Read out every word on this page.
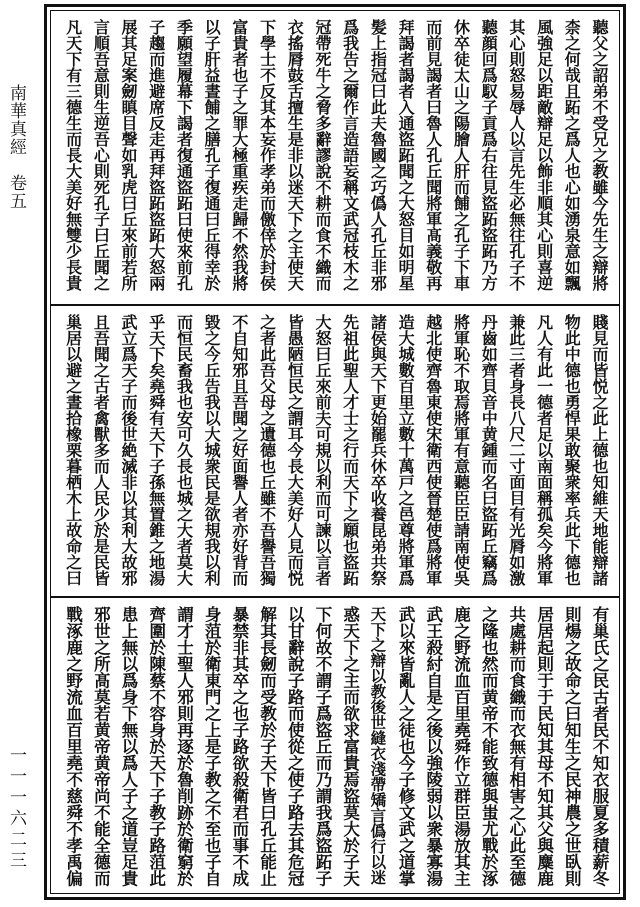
南華真經　卷五
一一一六二三
聽父之詔弟不受兄之教雖今先生之辯將
柰之何哉且跖之爲人也心如湧泉意如飄
風強足以距敵辯足以飾非順其心則喜逆
其心則怒易辱人以言先生必無往孔子不
聽顔回爲馭子貢爲右往見盜跖盜跖乃方
休卒徒太山之陽膾人肝而餔之孔子下車
而前見謁者曰魯人孔丘聞將軍髙義敬再
拜謁者謁者入通盜跖聞之大怒目如明星
髪上指冠曰此夫魯國之巧僞人孔丘非邪
爲我告之爾作言造語妄稱文武冠枝木之
冠帶死牛之脅多辭謬說不耕而食不織而
衣搖脣鼓舌擅生是非以迷天下之主使天
下學士不反其本妄作孝弟而儌倖於封侯
富貴者也子之罪大極重疾走歸不然我將
以子肝益晝餔之膳孔子復通曰丘得幸於
季願望履幕下謁者復通盜跖曰使來前孔
子趨而進避席反走再拜盜跖盜跖大怒兩
展其足案劒瞋目聲如乳虎曰丘來前若所
言順吾意則生逆吾心則死孔子曰丘聞之
凡天下有三德生而長大美好無雙少長貴
賤見而皆悦之此上德也知維天地能辯諸
物此中德也勇悍果敢聚衆率兵此下德也
凡人有此一德者足以南面稱孤矣今將軍
兼此三者身長八尺二寸面目有光脣如激
丹齒如齊貝音中黄鍾而名曰盜跖丘竊爲
將軍恥不取焉將軍有意聽臣臣請南使吳
越北使齊魯東使宋衛西使晉楚使爲將軍
造大城數百里立數十萬戸之邑尊將軍爲
諸侯與天下更始罷兵休卒收養昆弟共祭
先祖此聖人才士之行而天下之願也盜跖
大怒曰丘來前夫可規以利而可諫以言者
皆愚陋恒民之謂耳今長大美好人見而悦
之者此吾父母之遺德也丘雖不吾譽吾獨
不自知邪且吾聞之好面譽人者亦好背而
毀之今丘告我以大城衆民是欲規我以利
而恒民畜我也安可久長也城之大者莫大
乎天下矣堯舜有天下子孫無置錐之地湯
武立爲天子而後世絶滅非以其利大故邪
且吾聞之古者禽獸多而人民少於是民皆
巢居以避之晝拾橡栗暮栖木上故命之曰
有巢氏之民古者民不知衣服夏多積薪冬
則煬之故命之曰知生之民神農之世臥則
居居起則于于民知其母不知其父與麋鹿
共處耕而食織而衣無有相害之心此至德
之隆也然而黄帝不能致德與蚩尤戰於涿
鹿之野流血百里堯舜作立群臣湯放其主
武王殺紂自是之後以強陵弱以衆暴寡湯
武以來皆亂人之徒也今子修文武之道掌
天下之辯以教後世縫衣淺帶矯言僞行以迷
惑天下之主而欲求富貴焉盜莫大於子天
下何故不謂子爲盜丘而乃謂我爲盜跖子
以甘辭說子路而使從之使子路去其危冠
解其長劒而受教於子天下皆曰孔丘能止
暴禁非其卒之也子路欲殺衛君而事不成
身菹於衛東門之上是子教之不至也子自
謂才士聖人邪則再逐於魯削跡於衛窮於
齊圍於陳蔡不容身於天下子教子路菹此
患上無以爲身下無以爲人子之道豈足貴
邪世之所髙莫若黄帝黄帝尚不能全德而
戰涿鹿之野流血百里堯不慈舜不孝禹偏
